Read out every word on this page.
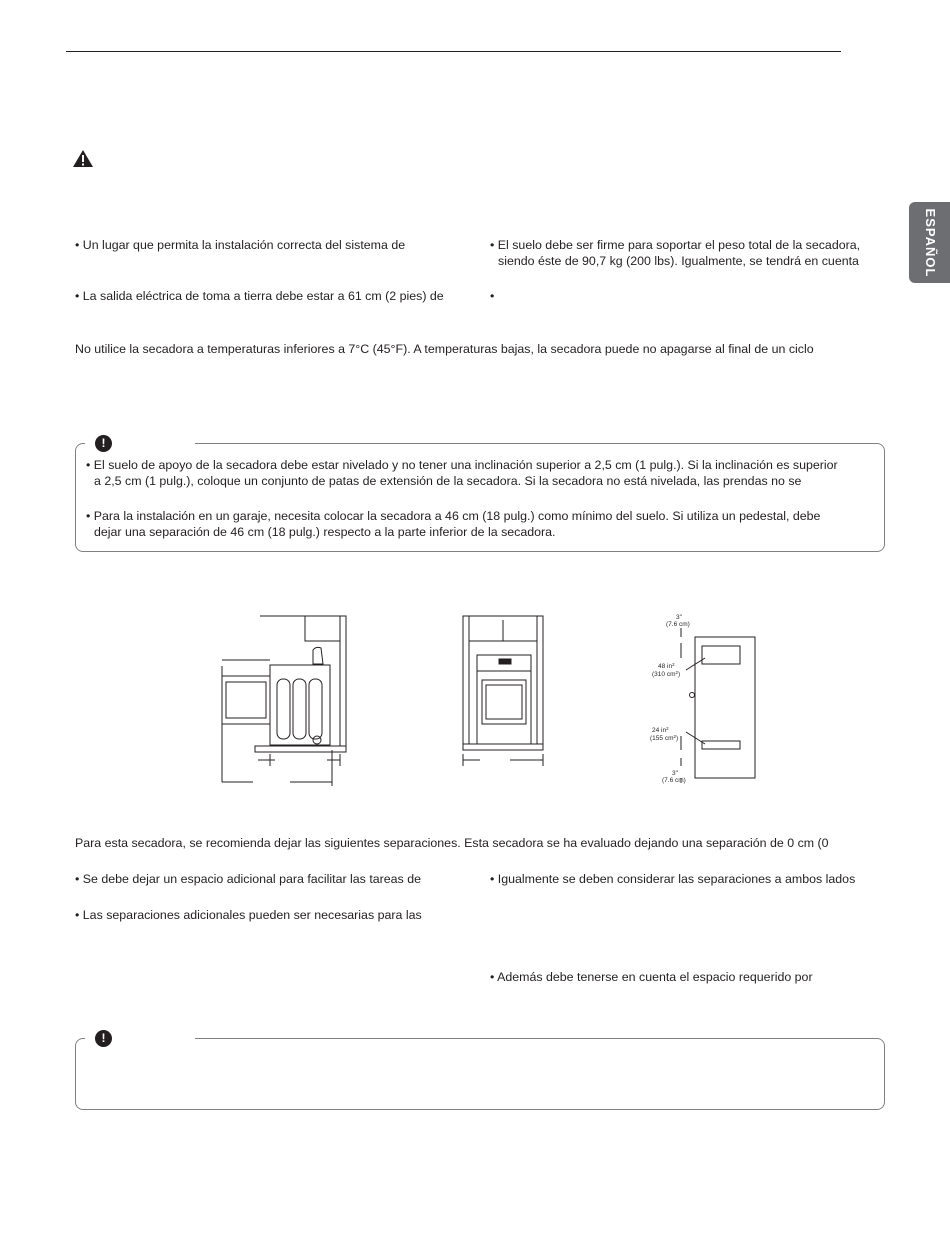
ESPAÑOL
• Un lugar que permita la instalación correcta del sistema de
• La salida eléctrica de toma a tierra debe estar a 61 cm (2 pies) de
• El suelo debe ser firme para soportar el peso total de la secadora,
siendo éste de 90,7 kg (200 lbs). Igualmente, se tendrá en cuenta
•
No utilice la secadora a temperaturas inferiores a 7°C (45°F). A temperaturas bajas, la secadora puede no apagarse al final de un ciclo
!
• El suelo de apoyo de la secadora debe estar nivelado y no tener una inclinación superior a 2,5 cm (1 pulg.). Si la inclinación es superior
a 2,5 cm (1 pulg.), coloque un conjunto de patas de extensión de la secadora. Si la secadora no está nivelada, las prendas no se
• Para la instalación en un garaje, necesita colocar la secadora a 46 cm (18 pulg.) como mínimo del suelo. Si utiliza un pedestal, debe
dejar una separación de 46 cm (18 pulg.) respecto a la parte inferior de la secadora.
3"
(7.6 cm)
48 $in^2$
(310 $cm^2$)
24 $in^2$
(155 $cm^2$)
3"
(7.6 cm)
Para esta secadora, se recomienda dejar las siguientes separaciones. Esta secadora se ha evaluado dejando una separación de 0 cm (0
• Se debe dejar un espacio adicional para facilitar las tareas de
• Las separaciones adicionales pueden ser necesarias para las
• Igualmente se deben considerar las separaciones a ambos lados
• Además debe tenerse en cuenta el espacio requerido por
!
